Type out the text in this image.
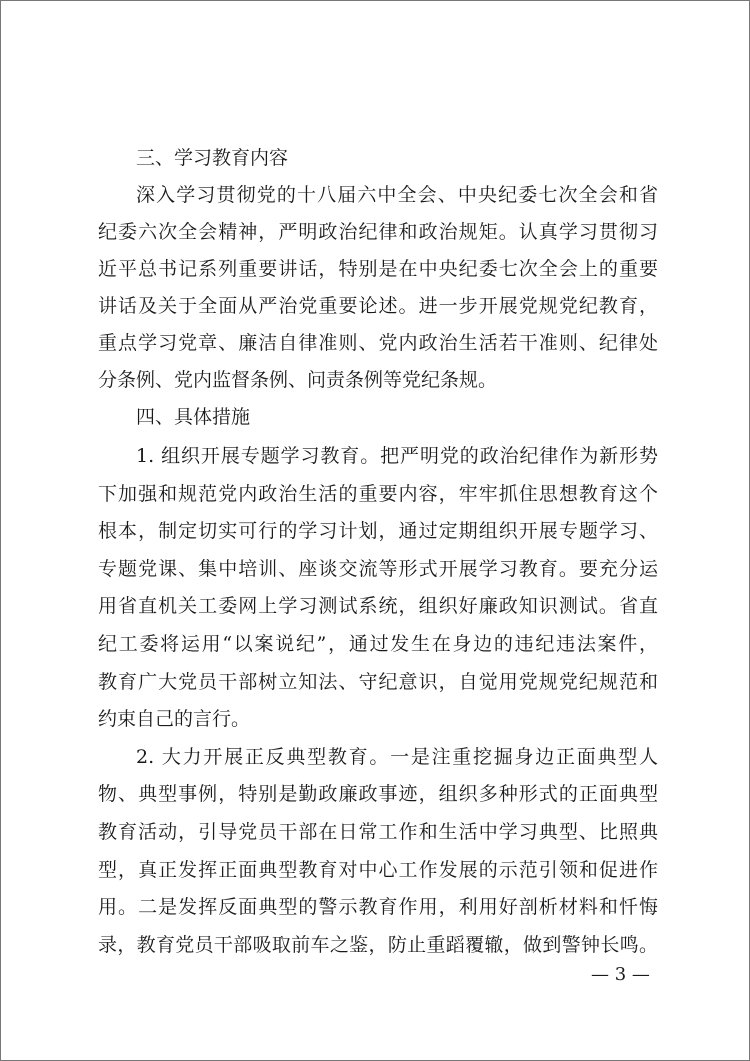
三、学习教育内容
深入学习贯彻党的十八届六中全会、中央纪委七次全会和省
纪委六次全会精神，严明政治纪律和政治规矩。认真学习贯彻习
近平总书记系列重要讲话，特别是在中央纪委七次全会上的重要
讲话及关于全面从严治党重要论述。进一步开展党规党纪教育，
重点学习党章、廉洁自律准则、党内政治生活若干准则、纪律处
分条例、党内监督条例、问责条例等党纪条规。
四、具体措施
1. 组织开展专题学习教育。把严明党的政治纪律作为新形势
下加强和规范党内政治生活的重要内容，牢牢抓住思想教育这个
根本，制定切实可行的学习计划，通过定期组织开展专题学习、
专题党课、集中培训、座谈交流等形式开展学习教育。要充分运
用省直机关工委网上学习测试系统，组织好廉政知识测试。省直
纪工委将运用“以案说纪”，通过发生在身边的违纪违法案件，
教育广大党员干部树立知法、守纪意识，自觉用党规党纪规范和
约束自己的言行。
2. 大力开展正反典型教育。一是注重挖掘身边正面典型人
物、典型事例，特别是勤政廉政事迹，组织多种形式的正面典型
教育活动，引导党员干部在日常工作和生活中学习典型、比照典
型，真正发挥正面典型教育对中心工作发展的示范引领和促进作
用。二是发挥反面典型的警示教育作用，利用好剖析材料和忏悔
录，教育党员干部吸取前车之鉴，防止重蹈覆辙，做到警钟长鸣。
— 3 —
